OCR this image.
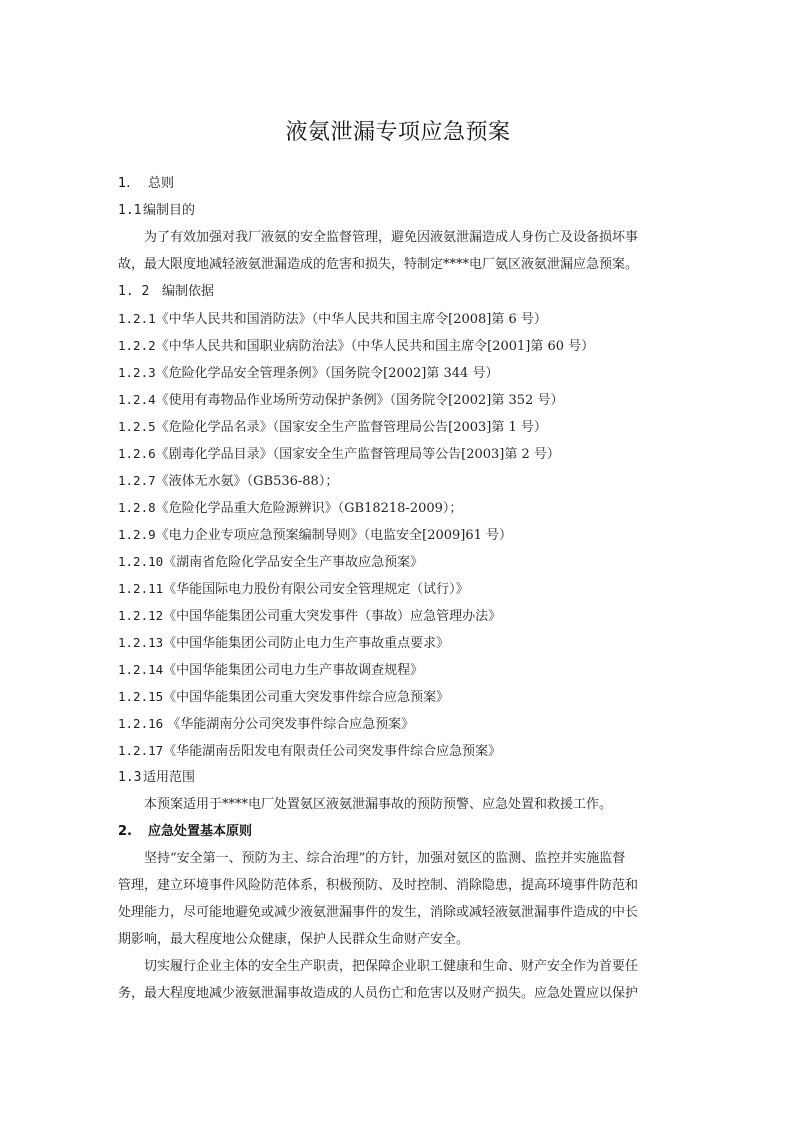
液氨泄漏专项应急预案
1. 总则
1.1 编制目的
为了有效加强对我厂液氨的安全监督管理，避免因液氨泄漏造成人身伤亡及设备损坏事
故，最大限度地减轻液氨泄漏造成的危害和损失，特制定****电厂氨区液氨泄漏应急预案。
1. 2 编制依据
1.2.1《中华人民共和国消防法》（中华人民共和国主席令[2008]第 6 号）
1.2.2《中华人民共和国职业病防治法》（中华人民共和国主席令[2001]第 60 号）
1.2.3《危险化学品安全管理条例》（国务院令[2002]第 344 号）
1.2.4《使用有毒物品作业场所劳动保护条例》（国务院令[2002]第 352 号）
1.2.5《危险化学品名录》（国家安全生产监督管理局公告[2003]第 1 号）
1.2.6《剧毒化学品目录》（国家安全生产监督管理局等公告[2003]第 2 号）
1.2.7《液体无水氨》（GB536-88）；
1.2.8《危险化学品重大危险源辨识》（GB18218-2009）；
1.2.9《电力企业专项应急预案编制导则》（电监安全[2009]61 号）
1.2.10《湖南省危险化学品安全生产事故应急预案》
1.2.11《华能国际电力股份有限公司安全管理规定（试行）》
1.2.12《中国华能集团公司重大突发事件（事故）应急管理办法》
1.2.13《中国华能集团公司防止电力生产事故重点要求》
1.2.14《中国华能集团公司电力生产事故调查规程》
1.2.15《中国华能集团公司重大突发事件综合应急预案》
1.2.16 《华能湖南分公司突发事件综合应急预案》
1.2.17《华能湖南岳阳发电有限责任公司突发事件综合应急预案》
1.3 适用范围
本预案适用于****电厂处置氨区液氨泄漏事故的预防预警、应急处置和救援工作。
2. 应急处置基本原则
坚持“安全第一、预防为主、综合治理”的方针，加强对氨区的监测、监控并实施监督
管理，建立环境事件风险防范体系，积极预防、及时控制、消除隐患，提高环境事件防范和
处理能力，尽可能地避免或减少液氨泄漏事件的发生，消除或减轻液氨泄漏事件造成的中长
期影响，最大程度地公众健康，保护人民群众生命财产安全。
切实履行企业主体的安全生产职责，把保障企业职工健康和生命、财产安全作为首要任
务，最大程度地减少液氨泄漏事故造成的人员伤亡和危害以及财产损失。应急处置应以保护
